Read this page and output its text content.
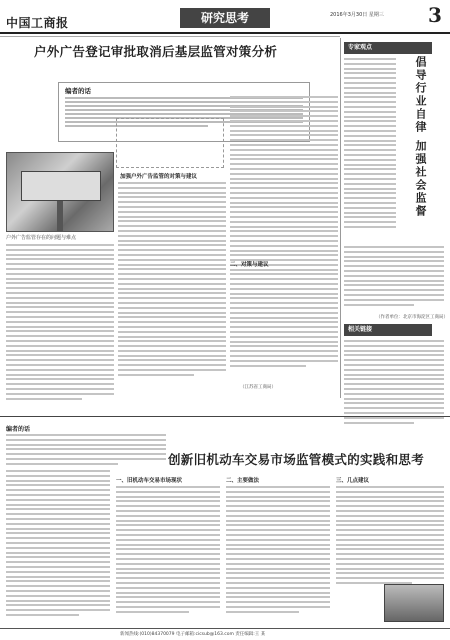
中国工商报	研究思考	2016年3月30日 星期三 3
户外广告登记审批取消后基层监管对策分析
编者的话
户外广告监管存在的问题与难点
加强户外广告监管的对策与建议
二、对策与建议
专家观点
倡导行业自律 加强社会监督
（作者单位：北京市海淀区工商局）
相关链接
（江苏省工商局）
编者的话
创新旧机动车交易市场监管模式的实践和思考
一、旧机动车交易市场现状	二、主要做法	三、几点建议
新闻热线:(010)84370079 电子邮箱:cicsub@163.com 责任编辑:王 某
